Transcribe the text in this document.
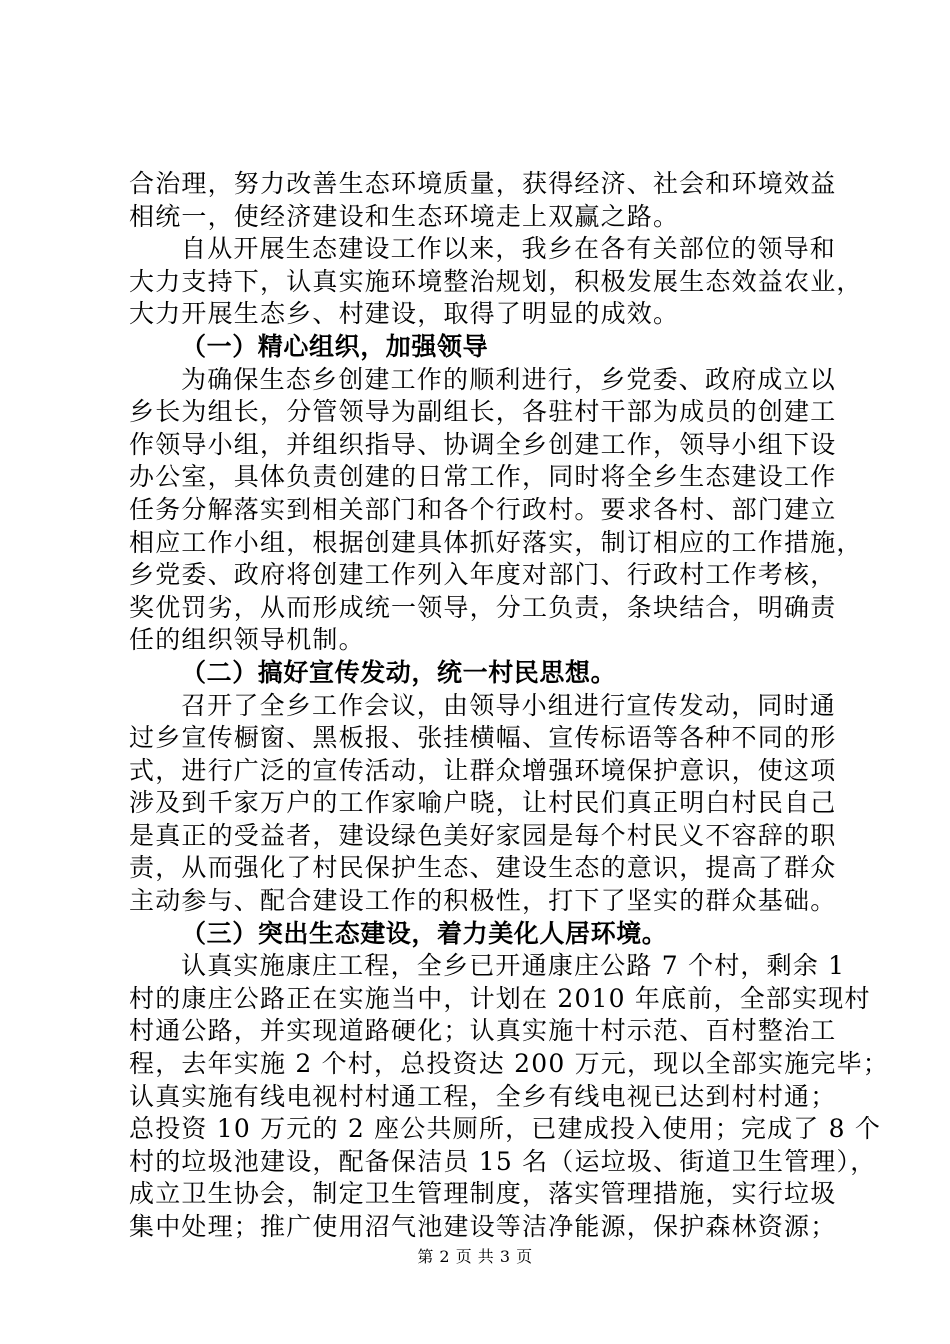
合治理，努力改善生态环境质量，获得经济、社会和环境效益
相统一，使经济建设和生态环境走上双赢之路。
自从开展生态建设工作以来，我乡在各有关部位的领导和
大力支持下，认真实施环境整治规划，积极发展生态效益农业，
大力开展生态乡、村建设，取得了明显的成效。
（一）精心组织，加强领导
为确保生态乡创建工作的顺利进行，乡党委、政府成立以
乡长为组长，分管领导为副组长，各驻村干部为成员的创建工
作领导小组，并组织指导、协调全乡创建工作，领导小组下设
办公室，具体负责创建的日常工作，同时将全乡生态建设工作
任务分解落实到相关部门和各个行政村。要求各村、部门建立
相应工作小组，根据创建具体抓好落实，制订相应的工作措施，
乡党委、政府将创建工作列入年度对部门、行政村工作考核，
奖优罚劣，从而形成统一领导，分工负责，条块结合，明确责
任的组织领导机制。
（二）搞好宣传发动，统一村民思想。
召开了全乡工作会议，由领导小组进行宣传发动，同时通
过乡宣传橱窗、黑板报、张挂横幅、宣传标语等各种不同的形
式，进行广泛的宣传活动，让群众增强环境保护意识，使这项
涉及到千家万户的工作家喻户晓，让村民们真正明白村民自己
是真正的受益者，建设绿色美好家园是每个村民义不容辞的职
责，从而强化了村民保护生态、建设生态的意识，提高了群众
主动参与、配合建设工作的积极性，打下了坚实的群众基础。
（三）突出生态建设，着力美化人居环境。
认真实施康庄工程，全乡已开通康庄公路 7 个村，剩余 1
村的康庄公路正在实施当中，计划在 2010 年底前，全部实现村
村通公路，并实现道路硬化；认真实施十村示范、百村整治工
程，去年实施 2 个村，总投资达 200 万元，现以全部实施完毕；
认真实施有线电视村村通工程，全乡有线电视已达到村村通；
总投资 10 万元的 2 座公共厕所，已建成投入使用；完成了 8 个
村的垃圾池建设，配备保洁员 15 名（运垃圾、街道卫生管理），
成立卫生协会，制定卫生管理制度，落实管理措施，实行垃圾
集中处理；推广使用沼气池建设等洁净能源，保护森林资源；
第 2 页 共 3 页
